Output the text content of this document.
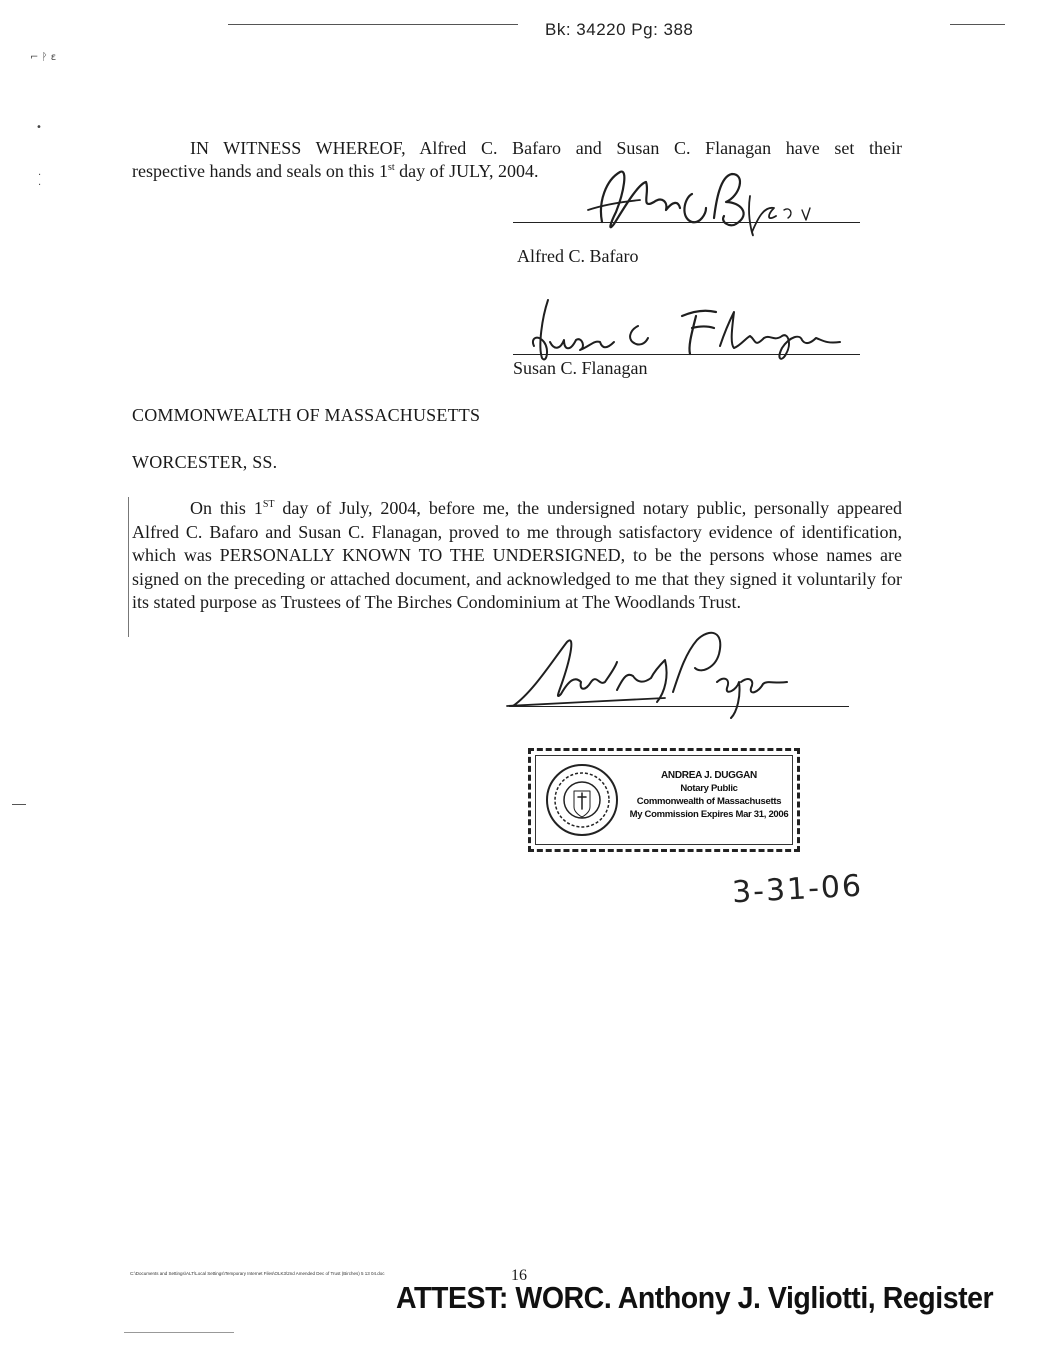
⌐ ᚹ ε
•
·
·
Bk: 34220 Pg: 388
IN WITNESS WHEREOF, Alfred C. Bafaro and Susan C. Flanagan have set their
respective hands and seals on this 1st day of JULY, 2004.
Alfred C. Bafaro
Susan C. Flanagan
COMMONWEALTH OF MASSACHUSETTS
WORCESTER, SS.
On this 1ST day of July, 2004, before me, the undersigned notary public, personally appeared Alfred C. Bafaro and Susan C. Flanagan, proved to me through satisfactory evidence of identification, which was PERSONALLY KNOWN TO THE UNDERSIGNED, to be the persons whose names are signed on the preceding or attached document, and acknowledged to me that they signed it voluntarily for its stated purpose as Trustees of The Birches Condominium at The Woodlands Trust.
ANDREA J. DUGGAN
Notary Public
Commonwealth of Massachusetts
My Commission Expires Mar 31, 2006
3-31-06
C:\Documents and Settings\ALT\Local Settings\Temporary Internet Files\OLK3\2nd Amended Dec of Trust (Birches) 5 13 04.doc	16
ATTEST: WORC. Anthony J. Vigliotti, Register
